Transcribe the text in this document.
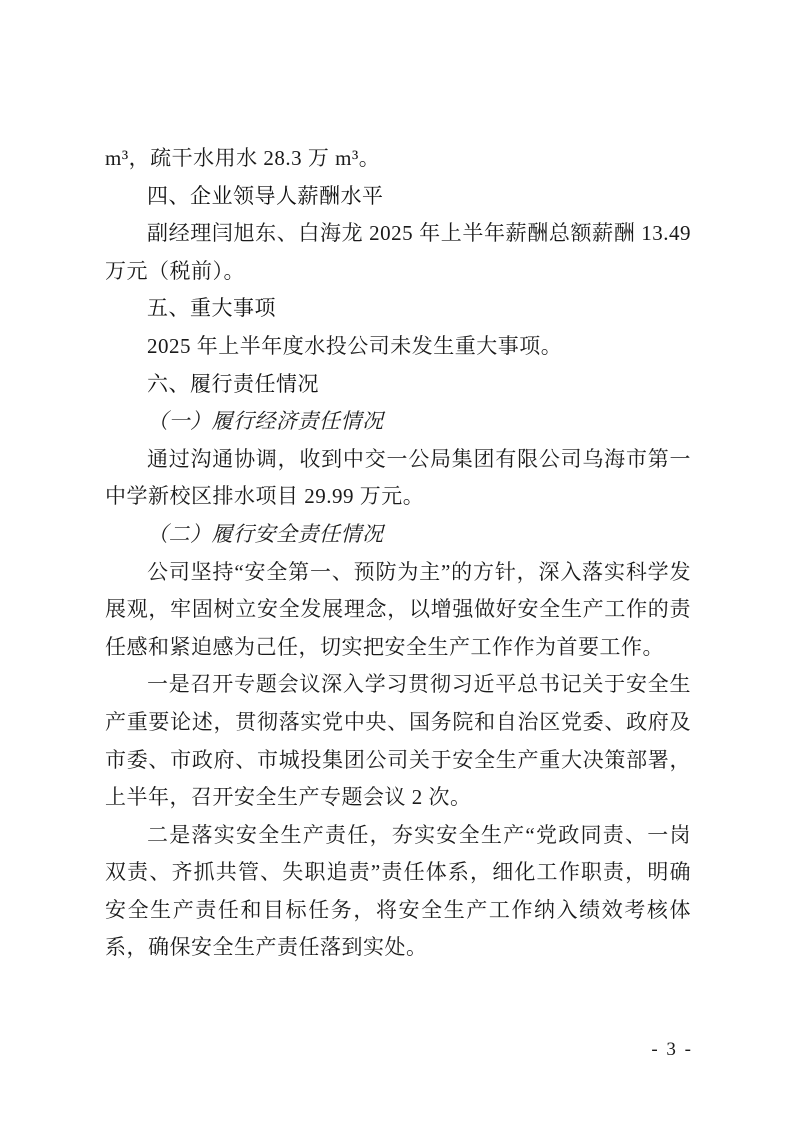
m³，疏干水用水 28.3 万 m³。

四、企业领导人薪酬水平

副经理闫旭东、白海龙 2025 年上半年薪酬总额薪酬 13.49 万元（税前）。

五、重大事项

2025 年上半年度水投公司未发生重大事项。

六、履行责任情况
（一）履行经济责任情况

通过沟通协调，收到中交一公局集团有限公司乌海市第一中学新校区排水项目 29.99 万元。

（二）履行安全责任情况

公司坚持“安全第一、预防为主”的方针，深入落实科学发展观，牢固树立安全发展理念，以增强做好安全生产工作的责任感和紧迫感为己任，切实把安全生产工作作为首要工作。

一是召开专题会议深入学习贯彻习近平总书记关于安全生产重要论述，贯彻落实党中央、国务院和自治区党委、政府及市委、市政府、市城投集团公司关于安全生产重大决策部署，上半年，召开安全生产专题会议 2 次。

二是落实安全生产责任，夯实安全生产“党政同责、一岗双责、齐抓共管、失职追责”责任体系，细化工作职责，明确安全生产责任和目标任务，将安全生产工作纳入绩效考核体系，确保安全生产责任落到实处。

- 3 -
